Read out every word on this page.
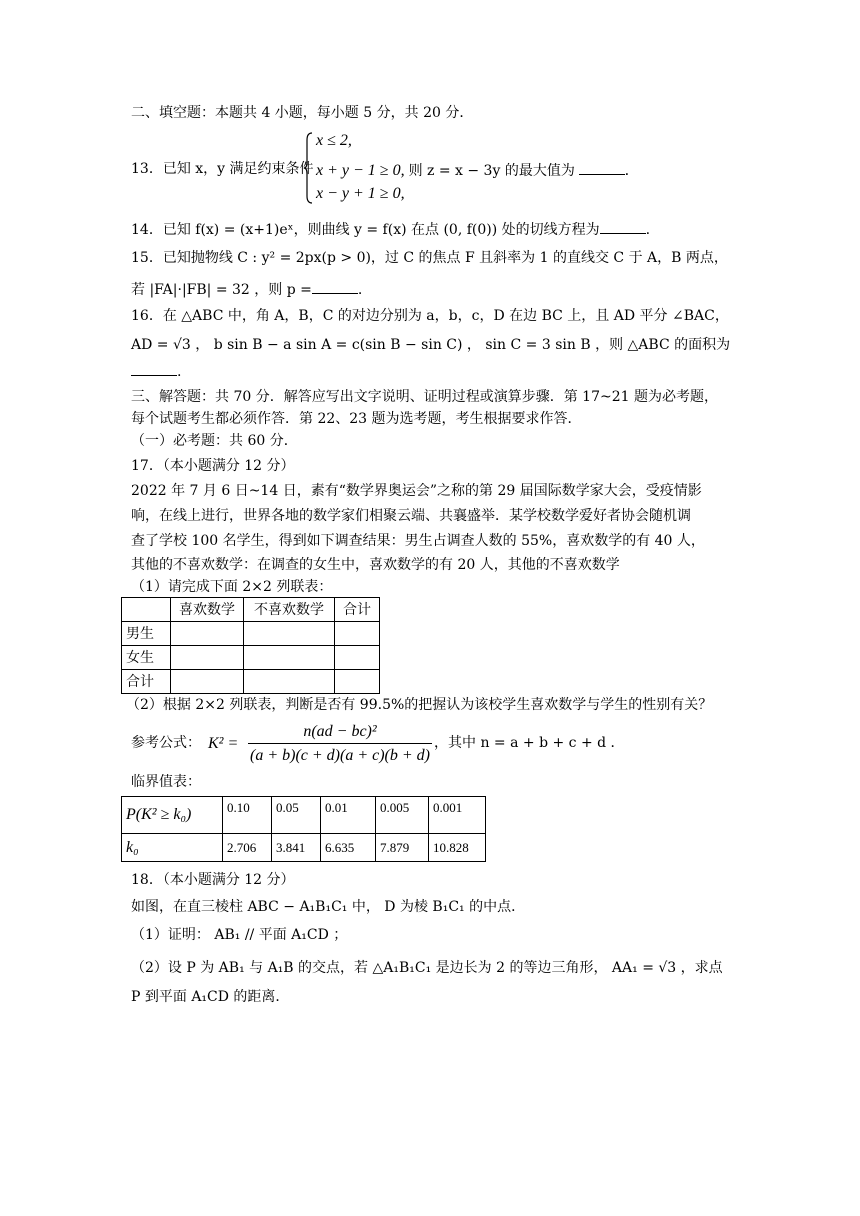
二、填空题：本题共 4 小题，每小题 5 分，共 20 分．
13．已知 x，y 满足约束条件
x ≤ 2,
x + y − 1 ≥ 0, 则 z = x − 3y 的最大值为	.
x − y + 1 ≥ 0,
14．已知 f(x) = (x+1)eˣ，则曲线 y = f(x) 在点 (0, f(0)) 处的切线方程为	.
15．已知抛物线 C : y² = 2px(p > 0)，过 C 的焦点 F 且斜率为 1 的直线交 C 于 A，B 两点，
若 |FA|·|FB| = 32 ，则 p =	.
16．在 △ABC 中，角 A，B，C 的对边分别为 a，b，c，D 在边 BC 上，且 AD 平分 ∠BAC，
AD = √3 ， b sin B − a sin A = c(sin B − sin C) ， sin C = 3 sin B ，则 △ABC 的面积为
.
三、解答题：共 70 分．解答应写出文字说明、证明过程或演算步骤．第 17~21 题为必考题，
每个试题考生都必须作答．第 22、23 题为选考题，考生根据要求作答．
（一）必考题：共 60 分．
17．（本小题满分 12 分）
2022 年 7 月 6 日~14 日，素有“数学界奥运会”之称的第 29 届国际数学家大会，受疫情影
响，在线上进行，世界各地的数学家们相聚云端、共襄盛举．某学校数学爱好者协会随机调
查了学校 100 名学生，得到如下调查结果：男生占调查人数的 55%，喜欢数学的有 40 人，
其他的不喜欢数学：在调查的女生中，喜欢数学的有 20 人，其他的不喜欢数学
（1）请完成下面 2×2 列联表：
	喜欢数学	不喜欢数学	合计
男生			
女生			
合计			
（2）根据 2×2 列联表，判断是否有 99.5%的把握认为该校学生喜欢数学与学生的性别有关？
参考公式： K² =
n(ad − bc)²
(a + b)(c + d)(a + c)(b + d)
，其中 n = a + b + c + d ．
临界值表：
P(K² ≥ k₀)	0.10	0.05	0.01	0.005	0.001
k₀	2.706	3.841	6.635	7.879	10.828
18．（本小题满分 12 分）
如图，在直三棱柱 ABC − A₁B₁C₁ 中， D 为棱 B₁C₁ 的中点．
（1）证明： AB₁ // 平面 A₁CD ；
（2）设 P 为 AB₁ 与 A₁B 的交点，若 △A₁B₁C₁ 是边长为 2 的等边三角形， AA₁ = √3 ，求点
P 到平面 A₁CD 的距离．
